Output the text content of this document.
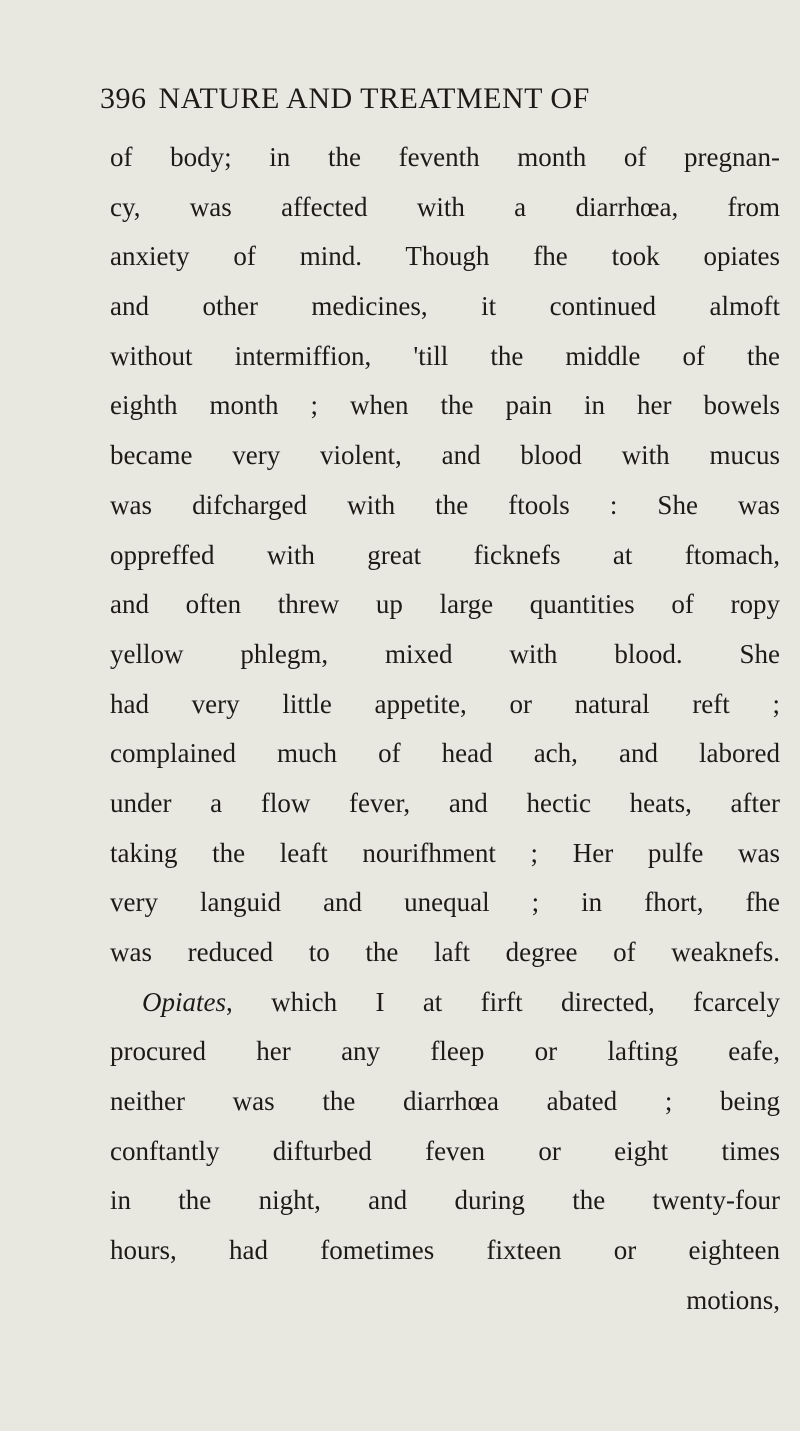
396 NATURE AND TREATMENT OF
of body; in the feventh month of pregnan-
cy, was affected with a diarrhœa, from
anxiety of mind. Though fhe took opiates
and other medicines, it continued almoft
without intermiffion, 'till the middle of the
eighth month ; when the pain in her bowels
became very violent, and blood with mucus
was difcharged with the ftools : She was
oppreffed with great ficknefs at ftomach,
and often threw up large quantities of ropy
yellow phlegm, mixed with blood. She
had very little appetite, or natural reft ;
complained much of head ach, and labored
under a flow fever, and hectic heats, after
taking the leaft nourifhment ; Her pulfe was
very languid and unequal ; in fhort, fhe
was reduced to the laft degree of weaknefs.
Opiates, which I at firft directed, fcarcely
procured her any fleep or lafting eafe,
neither was the diarrhœa abated ; being
conftantly difturbed feven or eight times
in the night, and during the twenty-four
hours, had fometimes fixteen or eighteen
motions,
